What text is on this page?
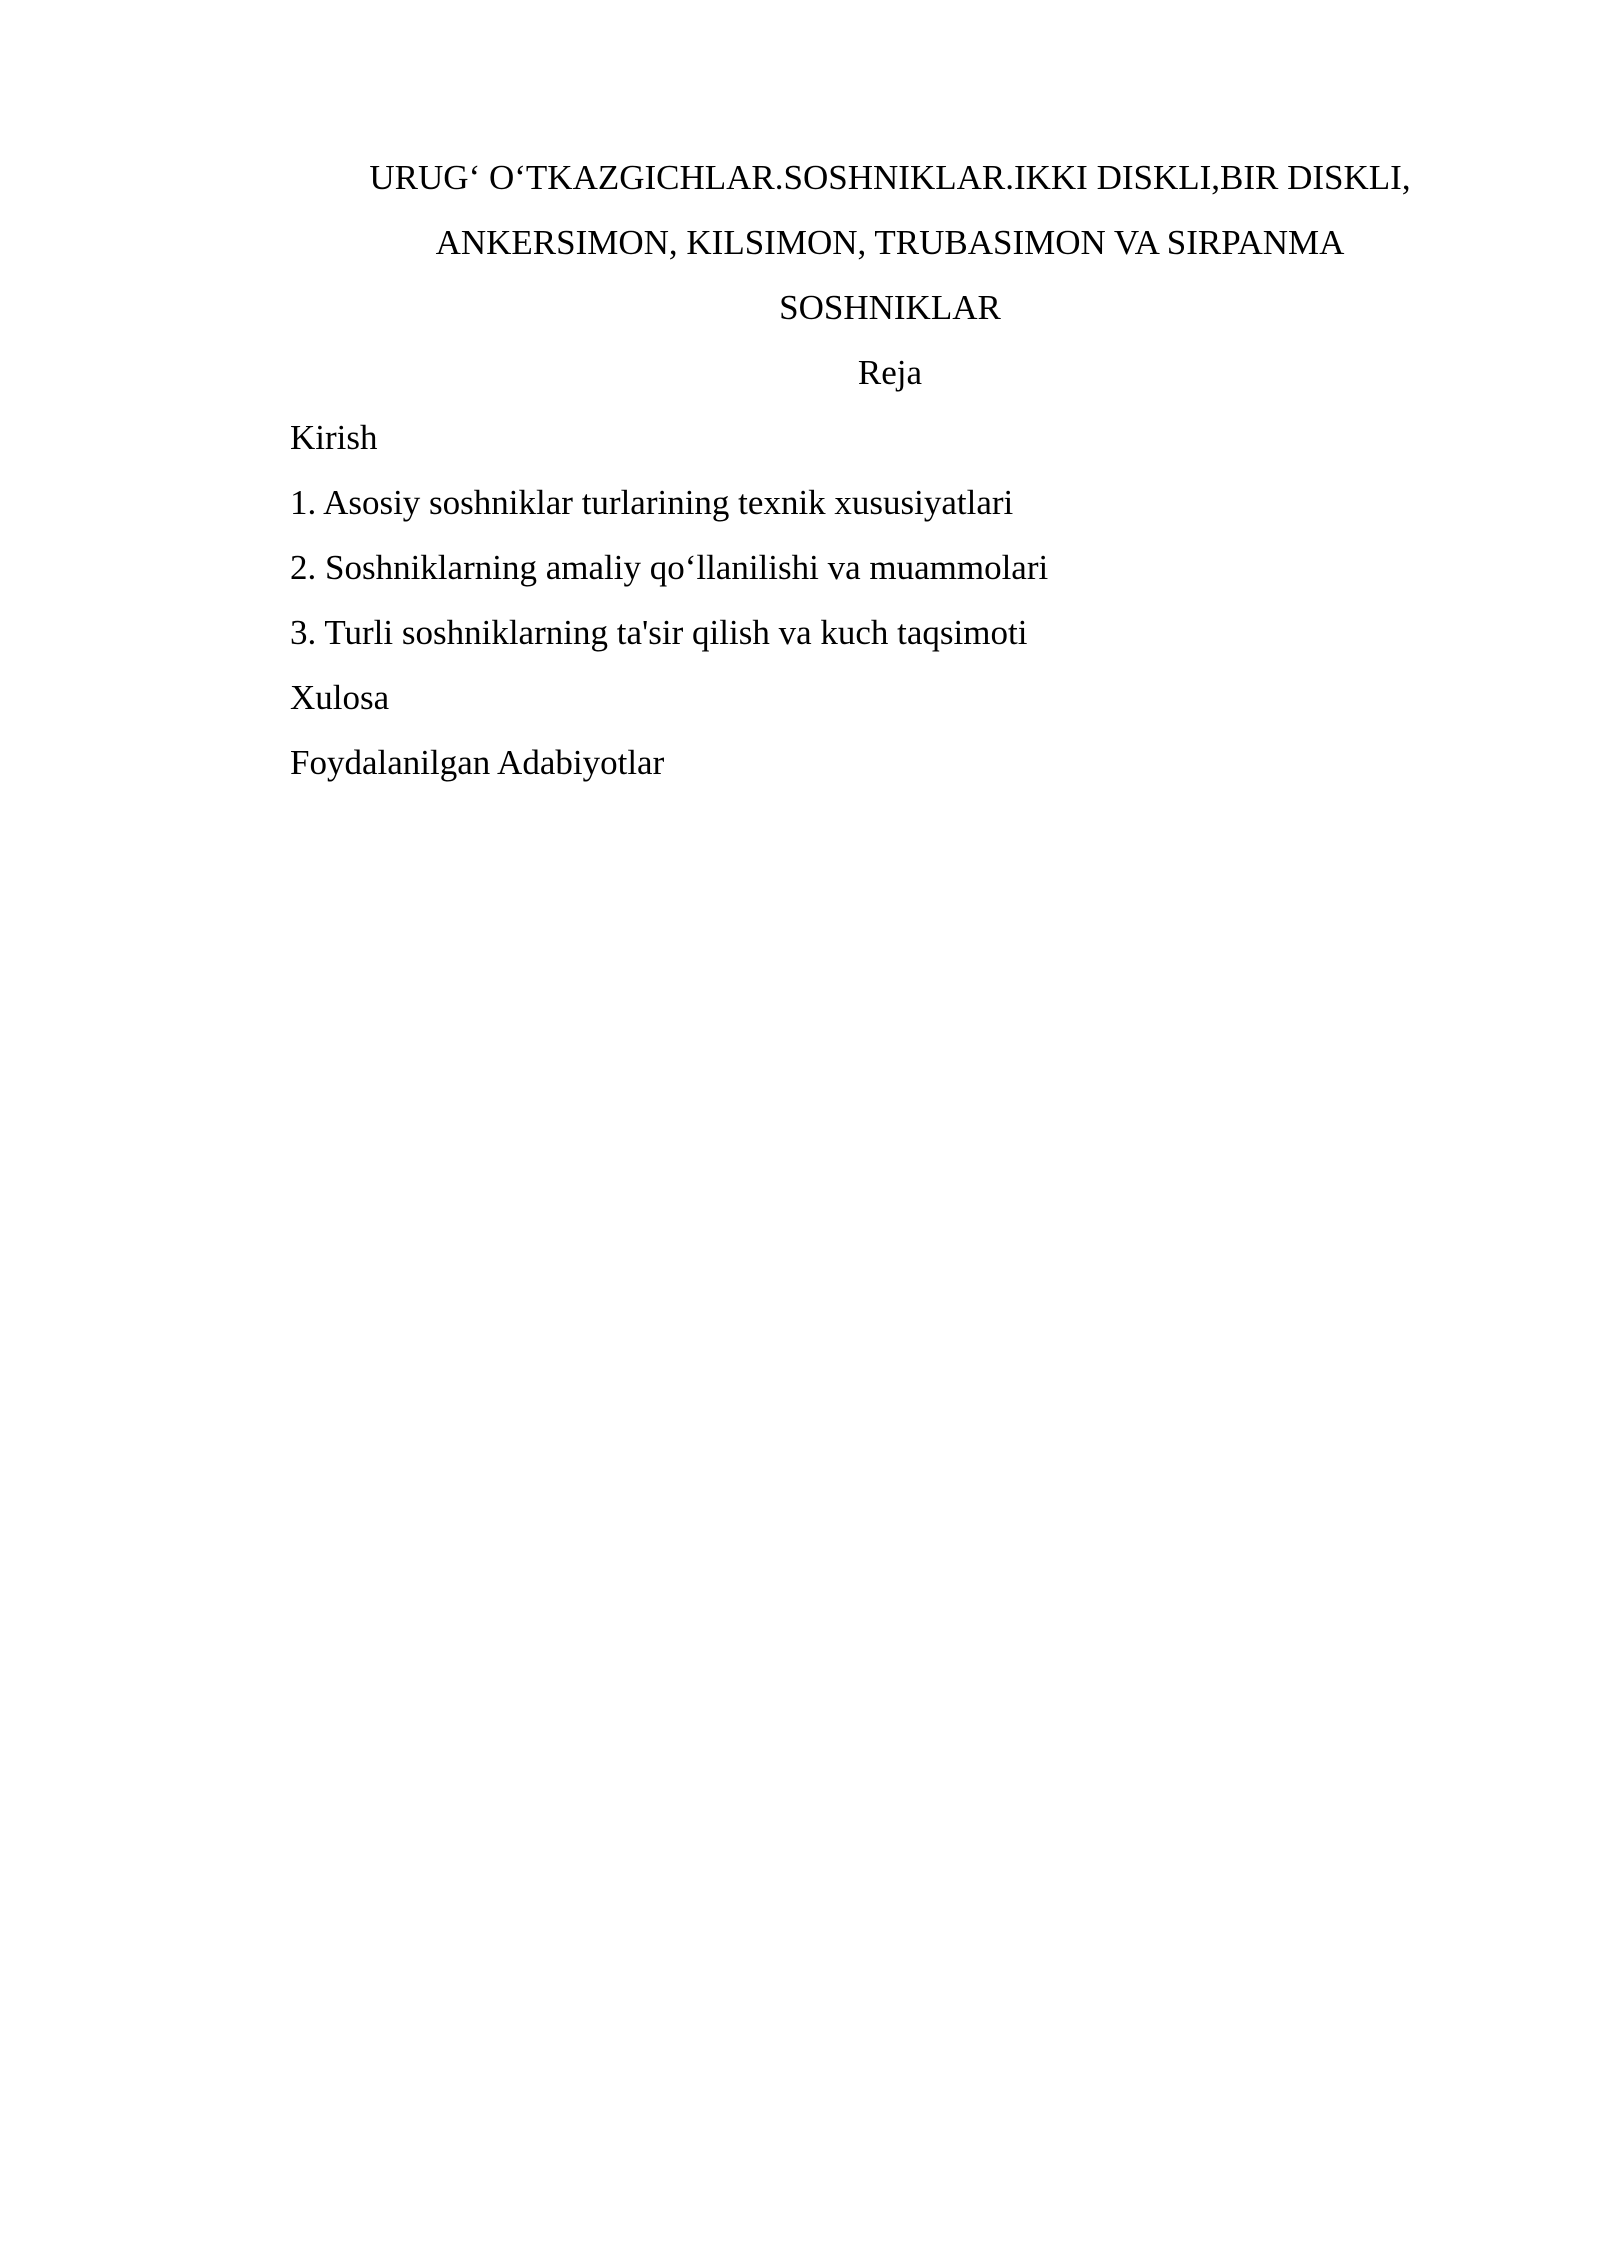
URUG‘ O‘TKAZGICHLAR.SOSHNIKLAR.IKKI DISKLI,BIR DISKLI,
ANKERSIMON, KILSIMON, TRUBASIMON VA SIRPANMA
SOSHNIKLAR
Reja
Kirish
1. Asosiy soshniklar turlarining texnik xususiyatlari
2. Soshniklarning amaliy qo‘llanilishi va muammolari
3. Turli soshniklarning ta'sir qilish va kuch taqsimoti
Xulosa
Foydalanilgan Adabiyotlar
